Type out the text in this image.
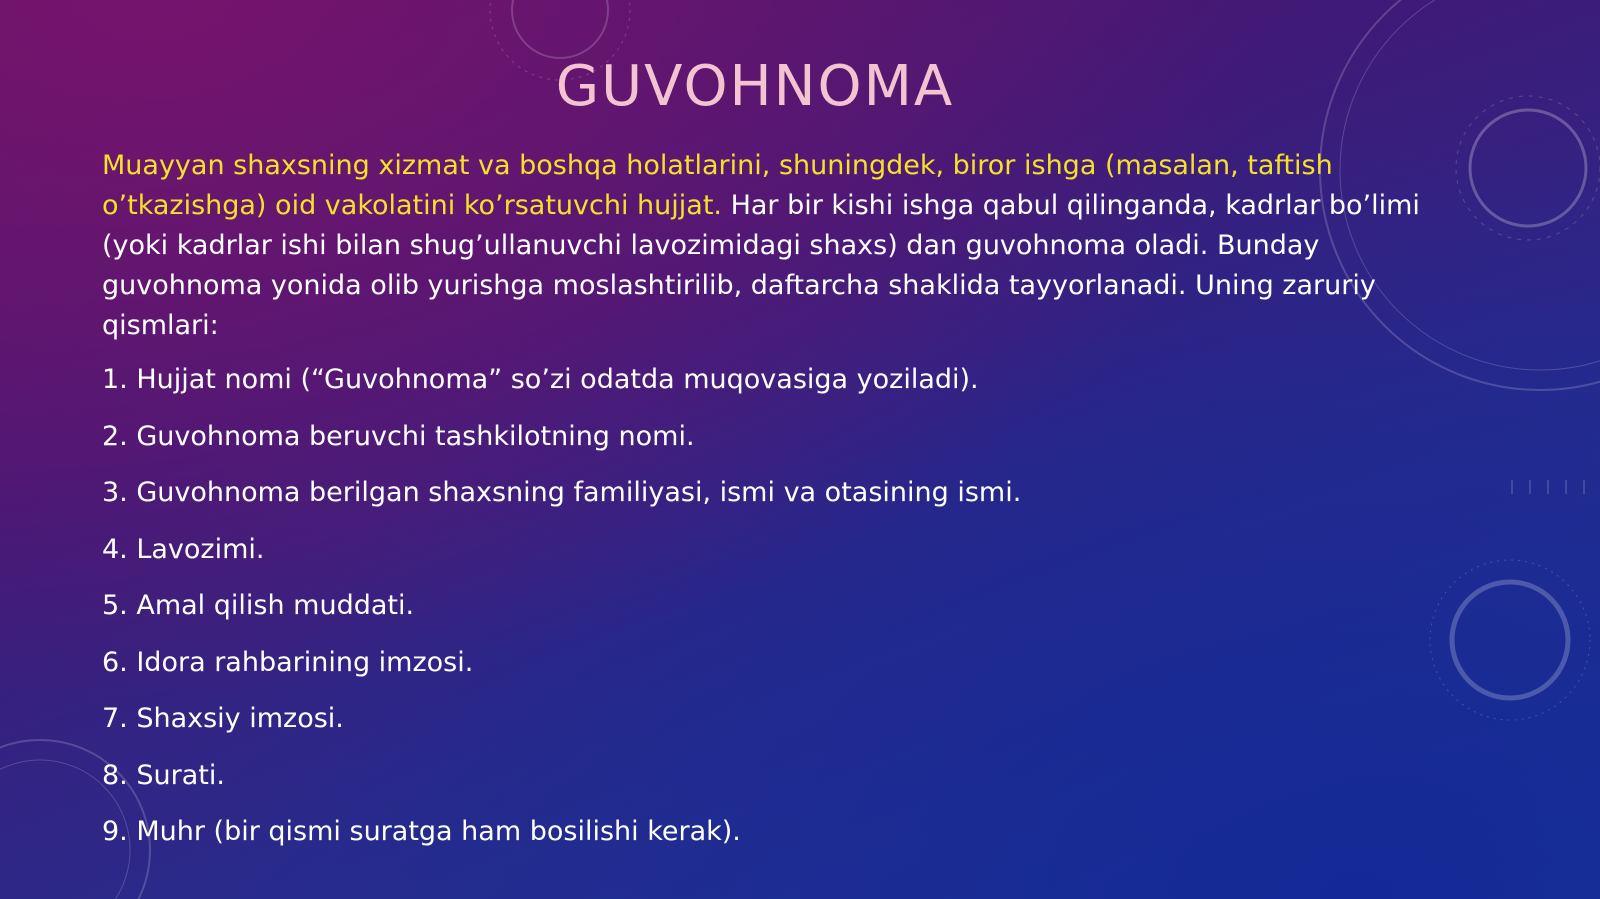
GUVOHNOMA

Muayyan shaxsning xizmat va boshqa holatlarini, shuningdek, biror ishga (masalan, taftish o’tkazishga) oid vakolatini ko’rsatuvchi hujjat. Har bir kishi ishga qabul qilinganda, kadrlar bo’limi (yoki kadrlar ishi bilan shug’ullanuvchi lavozimidagi shaxs) dan guvohnoma oladi. Bunday guvohnoma yonida olib yurishga moslashtirilib, daftarcha shaklida tayyorlanadi. Uning zaruriy qismlari:

1. Hujjat nomi (“Guvohnoma” so’zi odatda muqovasiga yoziladi).

2. Guvohnoma beruvchi tashkilotning nomi.

3. Guvohnoma berilgan shaxsning familiyasi, ismi va otasining ismi.

4. Lavozimi.

5. Amal qilish muddati.

6. Idora rahbarining imzosi.

7. Shaxsiy imzosi.

8. Surati.

9. Muhr (bir qismi suratga ham bosilishi kerak).
